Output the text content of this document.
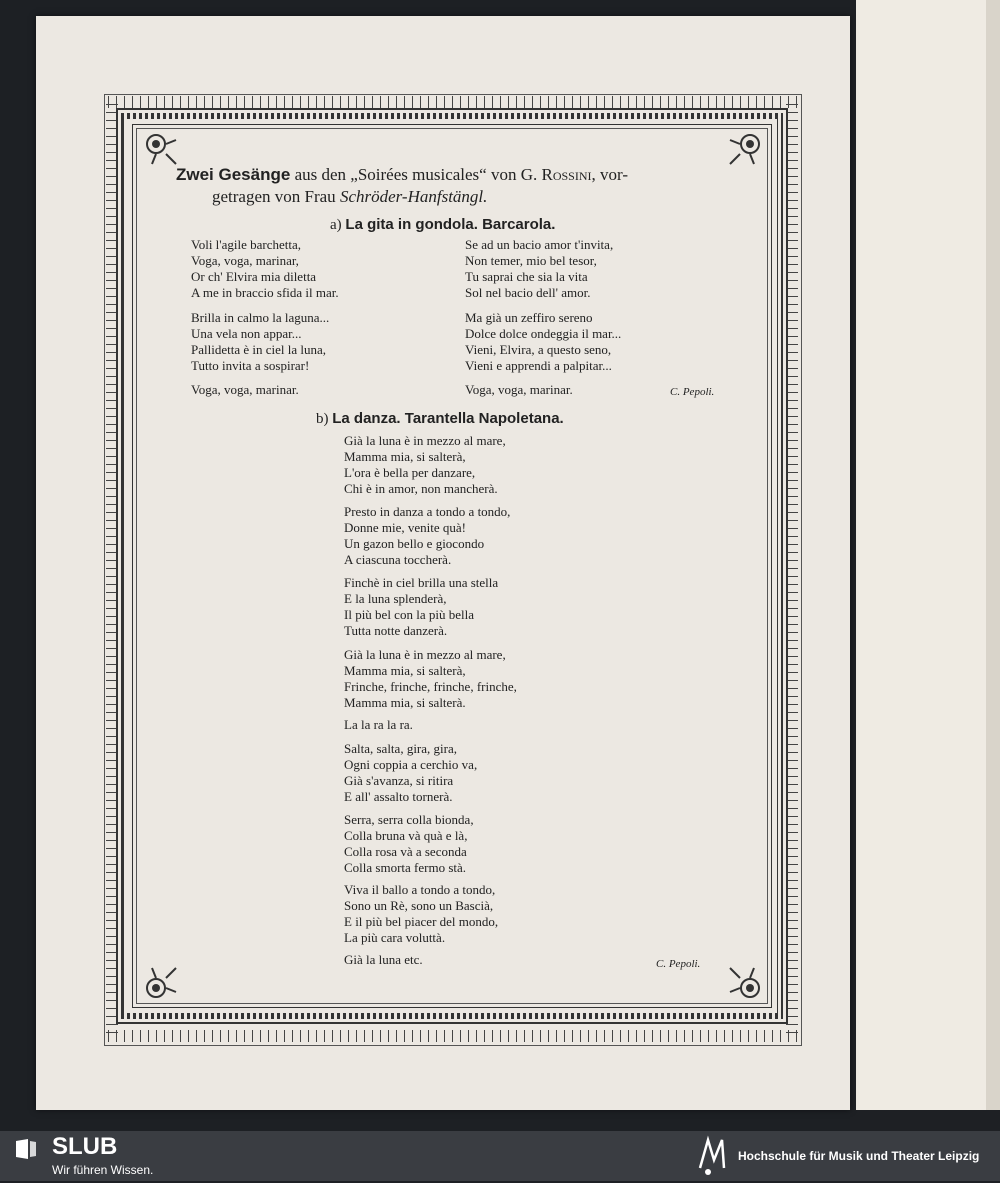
Zwei Gesänge aus den „Soirées musicales“ von G. Rossini, vor-
getragen von Frau Schröder-Hanfstängl.
a) La gita in gondola. Barcarola.
Voli l'agile barchetta,
Voga, voga, marinar,
Or ch' Elvira mia diletta
A me in braccio sfida il mar.
Brilla in calmo la laguna...
Una vela non appar...
Pallidetta è in ciel la luna,
Tutto invita a sospirar!
Voga, voga, marinar.
Se ad un bacio amor t'invita,
Non temer, mio bel tesor,
Tu saprai che sia la vita
Sol nel bacio dell' amor.
Ma già un zeffiro sereno
Dolce dolce ondeggia il mar...
Vieni, Elvira, a questo seno,
Vieni e apprendi a palpitar...
Voga, voga, marinar.	C. Pepoli.
b) La danza. Tarantella Napoletana.
Già la luna è in mezzo al mare,
Mamma mia, si salterà,
L'ora è bella per danzare,
Chi è in amor, non mancherà.
Presto in danza a tondo a tondo,
Donne mie, venite quà!
Un gazon bello e giocondo
A ciascuna toccherà.
Finchè in ciel brilla una stella
E la luna splenderà,
Il più bel con la più bella
Tutta notte danzerà.
Già la luna è in mezzo al mare,
Mamma mia, si salterà,
Frinche, frinche, frinche, frinche,
Mamma mia, si salterà.
La la ra la ra.
Salta, salta, gira, gira,
Ogni coppia a cerchio va,
Già s'avanza, si ritira
E all' assalto tornerà.
Serra, serra colla bionda,
Colla bruna và quà e là,
Colla rosa và a seconda
Colla smorta fermo stà.
Viva il ballo a tondo a tondo,
Sono un Rè, sono un Bascià,
E il più bel piacer del mondo,
La più cara voluttà.
Già la luna etc.	C. Pepoli.
SLUB
Wir führen Wissen.
Hochschule für Musik und Theater Leipzig
